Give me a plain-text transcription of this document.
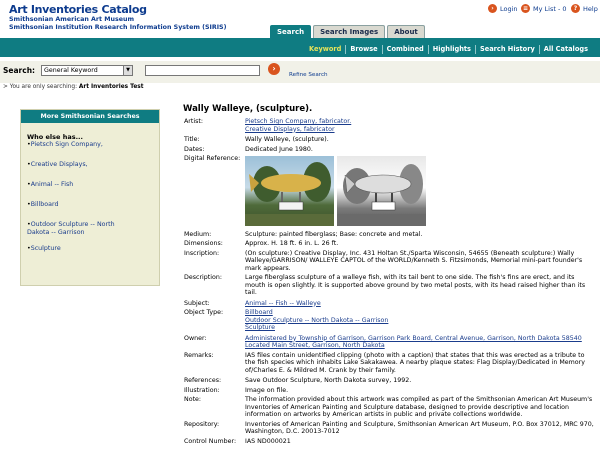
Art Inventories Catalog
Smithsonian American Art Museum
Smithsonian Institution Research Information System (SIRIS)
› Login ≡ My List - 0	? Help
Search	Search Images	About
Keyword	Browse	Combined	Highlights	Search History	All Catalogs
Search:	General Keyword	▼	›
Refine Search
> You are only searching: Art Inventories Test
More Smithsonian Searches
Who else has...
•Pietsch Sign Company,
•Creative Displays,
•Animal -- Fish
•Billboard
•Outdoor Sculpture -- North Dakota -- Garrison
•Sculpture
Wally Walleye, (sculpture).
Artist:	Pietsch Sign Company, fabricator.
Creative Displays, fabricator
Title:	Wally Walleye, (sculpture).
Dates:	Dedicated June 1980.
Digital Reference:
Medium:	Sculpture: painted fiberglass; Base: concrete and metal.
Dimensions:	Approx. H. 18 ft. 6 in. L. 26 ft.
Inscription:	(On sculpture:) Creative Display, Inc. 431 Holtan St./Sparta Wisconsin, 54655 (Beneath sculpture:) Wally Walleye/GARRISON/ WALLEYE CAPTOL of the WORLD/Kenneth S. Fitzsimonds, Memorial mini-part founder's mark appears.
Description:	Large fiberglass sculpture of a walleye fish, with its tail bent to one side. The fish's fins are erect, and its mouth is open slightly. It is supported above ground by two metal posts, with its head raised higher than its tail.
Subject:	Animal -- Fish -- Walleye
Object Type:	Billboard
Outdoor Sculpture -- North Dakota -- Garrison
Sculpture
Owner:	Administered by Township of Garrison, Garrison Park Board, Central Avenue, Garrison, North Dakota 58540 Located Main Street, Garrison, North Dakota
Remarks:	IAS files contain unidentified clipping (photo with a caption) that states that this was erected as a tribute to the fish species which inhabits Lake Sakakawea. A nearby plaque states: Flag Display/Dedicated in Memory of/Charles E. & Mildred M. Crank by their family.
References:	Save Outdoor Sculpture, North Dakota survey, 1992.
Illustration:	Image on file.
Note:	The information provided about this artwork was compiled as part of the Smithsonian American Art Museum's Inventories of American Painting and Sculpture database, designed to provide descriptive and location information on artworks by American artists in public and private collections worldwide.
Repository:	Inventories of American Painting and Sculpture, Smithsonian American Art Museum, P.O. Box 37012, MRC 970, Washington, D.C. 20013-7012
Control Number:	IAS ND000021
